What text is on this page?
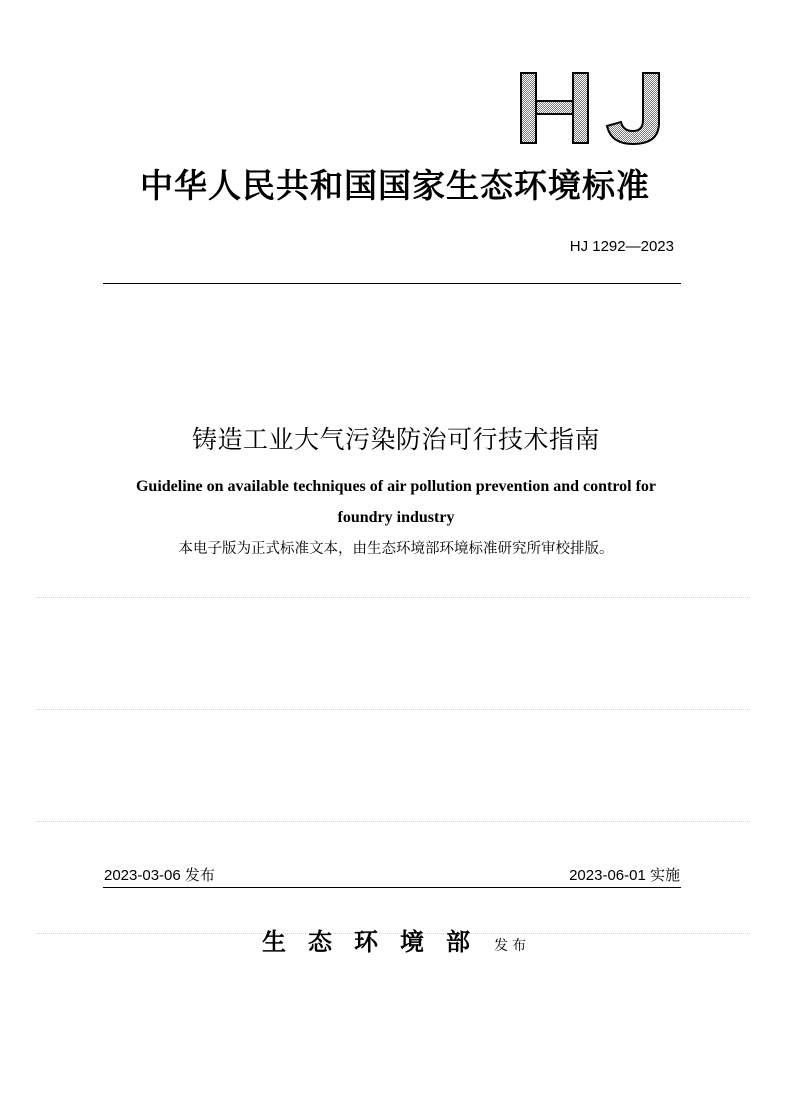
中华人民共和国国家生态环境标准
HJ 1292—2023
铸造工业大气污染防治可行技术指南
Guideline on available techniques of air pollution prevention and control for
foundry industry
本电子版为正式标准文本，由生态环境部环境标准研究所审校排版。
2023-03-06 发布	2023-06-01 实施
生态环境部 发布
